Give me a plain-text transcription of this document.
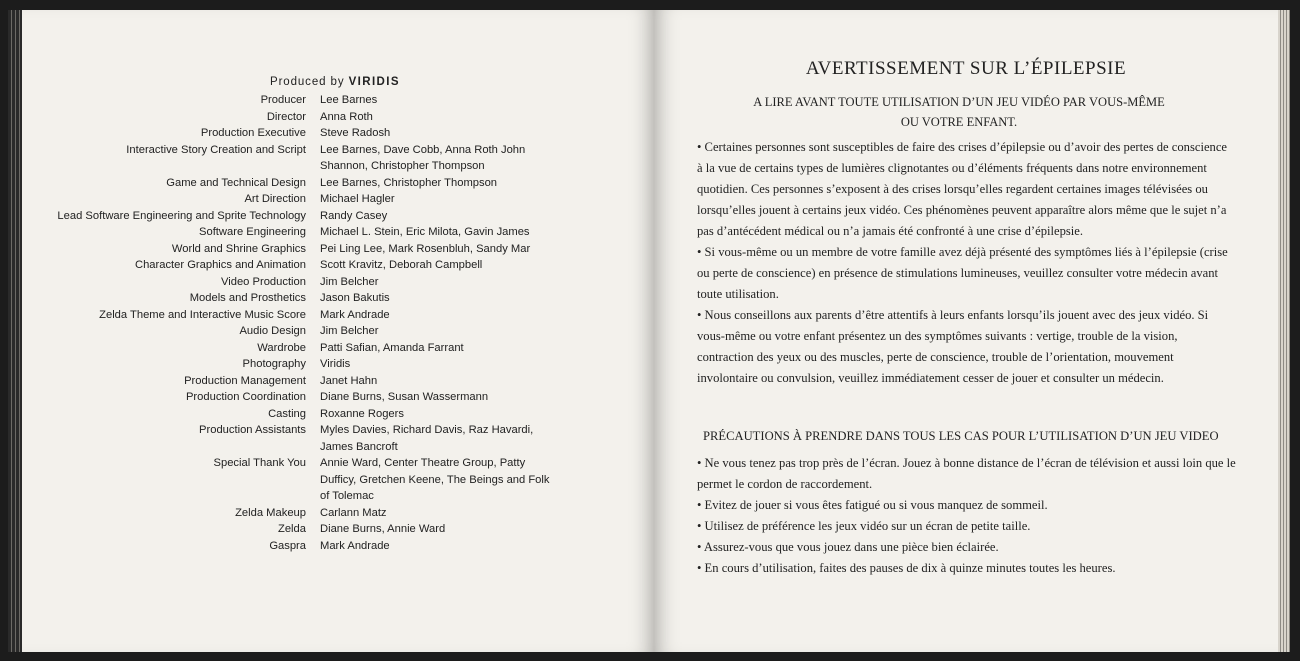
Produced by VIRIDIS
Producer	Lee Barnes
Director	Anna Roth
Production Executive	Steve Radosh
Interactive Story Creation and Script	Lee Barnes, Dave Cobb, Anna Roth John Shannon, Christopher Thompson
Game and Technical Design	Lee Barnes, Christopher Thompson
Art Direction	Michael Hagler
Lead Software Engineering and Sprite Technology	Randy Casey
Software Engineering	Michael L. Stein, Eric Milota, Gavin James
World and Shrine Graphics	Pei Ling Lee, Mark Rosenbluh, Sandy Mar
Character Graphics and Animation	Scott Kravitz, Deborah Campbell
Video Production	Jim Belcher
Models and Prosthetics	Jason Bakutis
Zelda Theme and Interactive Music Score	Mark Andrade
Audio Design	Jim Belcher
Wardrobe	Patti Safian, Amanda Farrant
Photography	Viridis
Production Management	Janet Hahn
Production Coordination	Diane Burns, Susan Wassermann
Casting	Roxanne Rogers
Production Assistants	Myles Davies, Richard Davis, Raz Havardi, James Bancroft
Special Thank You	Annie Ward, Center Theatre Group, Patty Dufficy, Gretchen Keene, The Beings and Folk of Tolemac
Zelda Makeup	Carlann Matz
Zelda	Diane Burns, Annie Ward
Gaspra	Mark Andrade
AVERTISSEMENT SUR L’ÉPILEPSIE
A LIRE AVANT TOUTE UTILISATION D’UN JEU VIDÉO PAR VOUS-MÊME OU VOTRE ENFANT.

• Certaines personnes sont susceptibles de faire des crises d’épilepsie ou d’avoir des pertes de conscience à la vue de certains types de lumières clignotantes ou d’éléments fréquents dans notre environnement quotidien. Ces personnes s’exposent à des crises lorsqu’elles regardent certaines images télévisées ou lorsqu’elles jouent à certains jeux vidéo. Ces phénomènes peuvent apparaître alors même que le sujet n’a pas d’antécédent médical ou n’a jamais été confronté à une crise d’épilepsie.

• Si vous-même ou un membre de votre famille avez déjà présenté des symptômes liés à l’épilepsie (crise ou perte de conscience) en présence de stimulations lumineuses, veuillez consulter votre médecin avant toute utilisation.

• Nous conseillons aux parents d’être attentifs à leurs enfants lorsqu’ils jouent avec des jeux vidéo. Si vous-même ou votre enfant présentez un des symptômes suivants : vertige, trouble de la vision, contraction des yeux ou des muscles, perte de conscience, trouble de l’orientation, mouvement involontaire ou convulsion, veuillez immédiatement cesser de jouer et consulter un médecin.

PRÉCAUTIONS À PRENDRE DANS TOUS LES CAS POUR L’UTILISATION D’UN JEU VIDEO

• Ne vous tenez pas trop près de l’écran. Jouez à bonne distance de l’écran de télévision et aussi loin que le permet le cordon de raccordement.

• Evitez de jouer si vous êtes fatigué ou si vous manquez de sommeil.

• Utilisez de préférence les jeux vidéo sur un écran de petite taille.

• Assurez-vous que vous jouez dans une pièce bien éclairée.

• En cours d’utilisation, faites des pauses de dix à quinze minutes toutes les heures.
